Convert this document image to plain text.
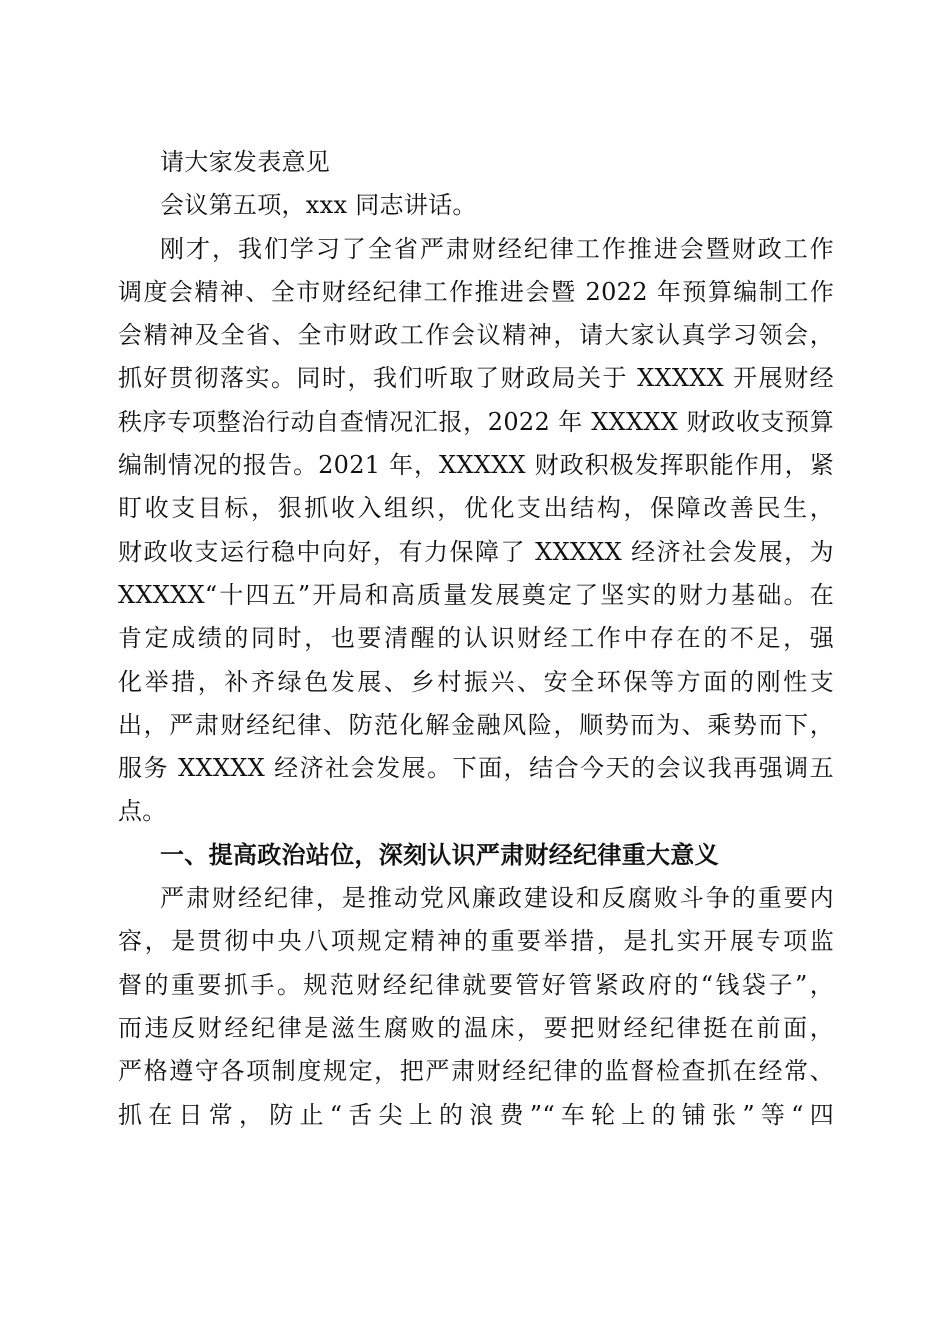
请大家发表意见
会议第五项，xxx 同志讲话。
刚才，我们学习了全省严肃财经纪律工作推进会暨财政工作
调度会精神、全市财经纪律工作推进会暨 2022 年预算编制工作
会精神及全省、全市财政工作会议精神，请大家认真学习领会，
抓好贯彻落实。同时，我们听取了财政局关于 XXXXX 开展财经
秩序专项整治行动自查情况汇报，2022 年 XXXXX 财政收支预算
编制情况的报告。2021 年，XXXXX 财政积极发挥职能作用，紧
盯收支目标，狠抓收入组织，优化支出结构，保障改善民生，
财政收支运行稳中向好，有力保障了 XXXXX 经济社会发展，为
XXXXX“十四五”开局和高质量发展奠定了坚实的财力基础。在
肯定成绩的同时，也要清醒的认识财经工作中存在的不足，强
化举措，补齐绿色发展、乡村振兴、安全环保等方面的刚性支
出，严肃财经纪律、防范化解金融风险，顺势而为、乘势而下，
服务 XXXXX 经济社会发展。下面，结合今天的会议我再强调五
点。
一、提高政治站位，深刻认识严肃财经纪律重大意义
严肃财经纪律，是推动党风廉政建设和反腐败斗争的重要内
容，是贯彻中央八项规定精神的重要举措，是扎实开展专项监
督的重要抓手。规范财经纪律就要管好管紧政府的“钱袋子”，
而违反财经纪律是滋生腐败的温床，要把财经纪律挺在前面，
严格遵守各项制度规定，把严肃财经纪律的监督检查抓在经常、
抓在日常，防止“舌尖上的浪费”“车轮上的铺张”等“四
